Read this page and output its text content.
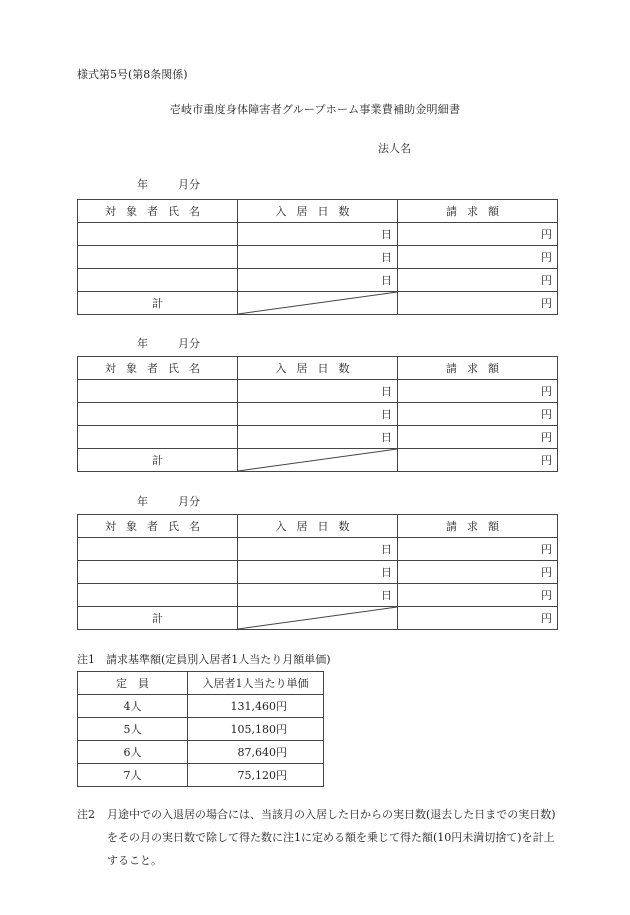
様式第5号(第8条関係)
壱岐市重度身体障害者グループホーム事業費補助金明細書
法人名
年	月分
対象者氏名	入居日数	請求額
	日	円
	日	円
	日	円
計		円
年	月分
対象者氏名	入居日数	請求額
	日	円
	日	円
	日	円
計		円
年	月分
対象者氏名	入居日数	請求額
	日	円
	日	円
	日	円
計		円
注1　請求基準額(定員別入居者1人当たり月額単価)
定　員	入居者1人当たり単価
4人	131,460円
5人	105,180円
6人	87,640円
7人	75,120円
注2	月途中での入退居の場合には、当該月の入居した日からの実日数(退去した日までの実日数)をその月の実日数で除して得た数に注1に定める額を乗じて得た額(10円未満切捨て)を計上すること。
